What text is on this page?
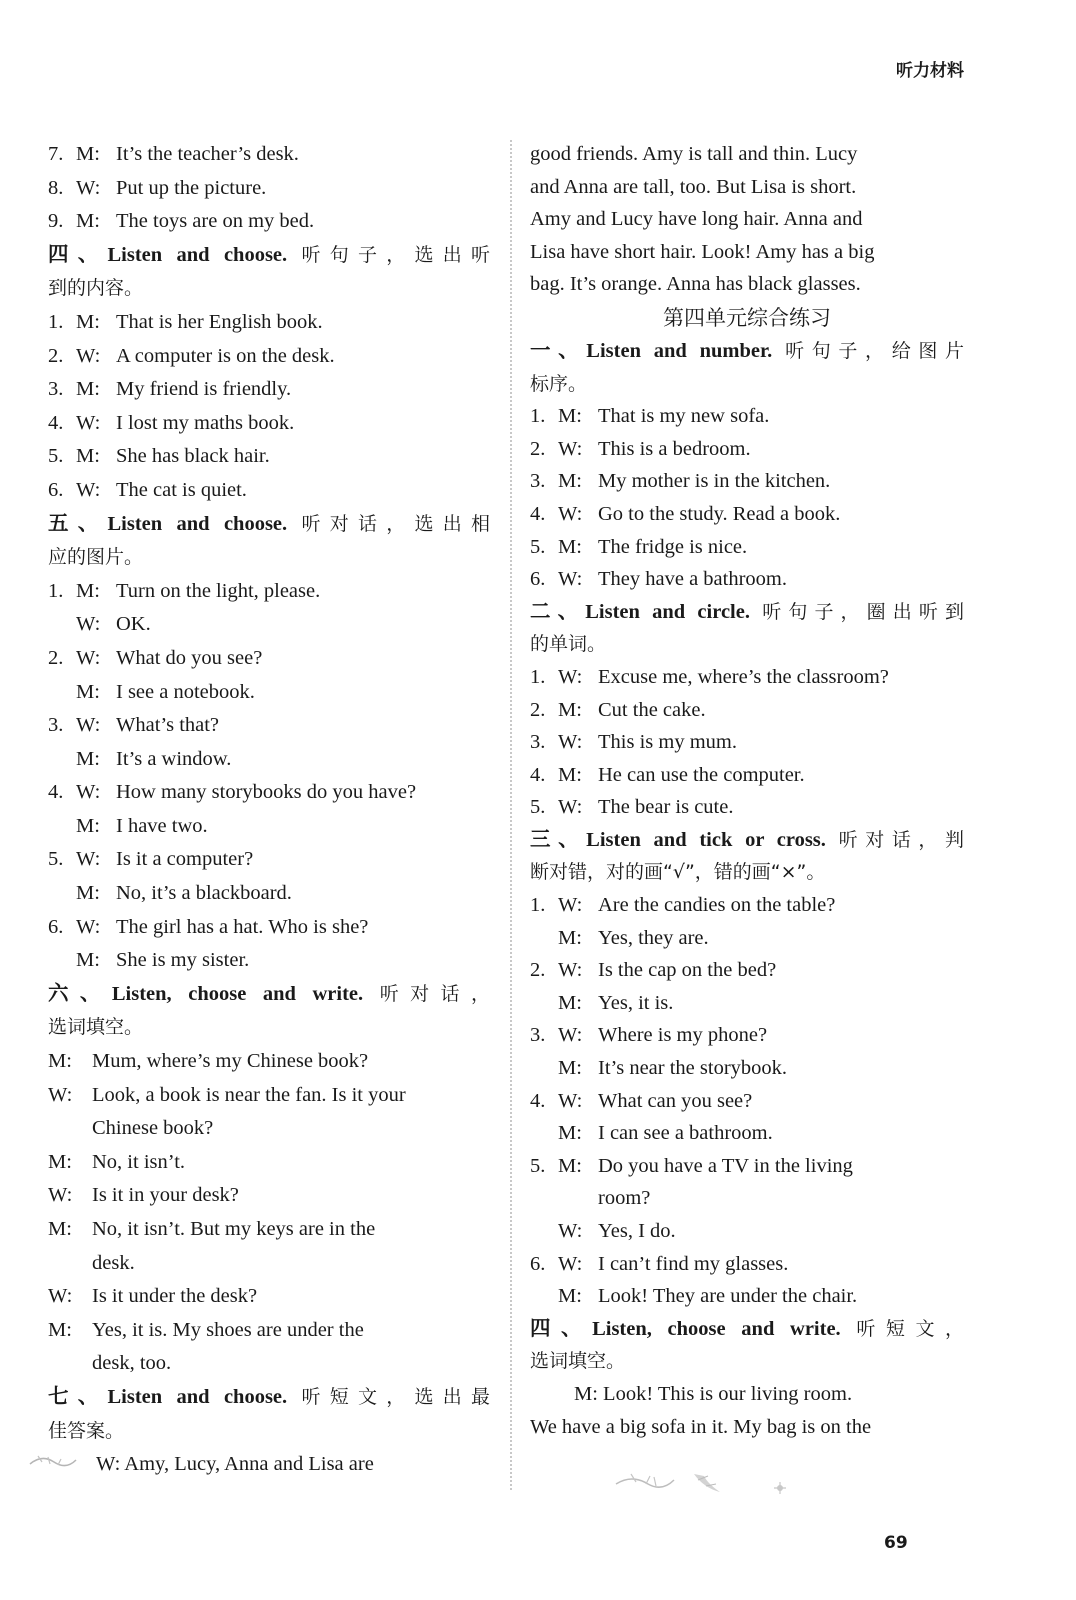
听力材料
7. M: It’s the teacher’s desk.
8. W: Put up the picture.
9. M: The toys are on my bed.
四、Listen and choose. 听句子，选出听
到的内容。
1. M: That is her English book.
2. W: A computer is on the desk.
3. M: My friend is friendly.
4. W: I lost my maths book.
5. M: She has black hair.
6. W: The cat is quiet.
五、Listen and choose. 听对话，选出相
应的图片。
1. M: Turn on the light, please.
W: OK.
2. W: What do you see?
M: I see a notebook.
3. W: What’s that?
M: It’s a window.
4. W: How many storybooks do you have?
M: I have two.
5. W: Is it a computer?
M: No, it’s a blackboard.
6. W: The girl has a hat. Who is she?
M: She is my sister.
六、Listen, choose and write. 听对话，
选词填空。
M: Mum, where’s my Chinese book?
W: Look, a book is near the fan. Is it your
Chinese book?
M: No, it isn’t.
W: Is it in your desk?
M: No, it isn’t. But my keys are in the
desk.
W: Is it under the desk?
M: Yes, it is. My shoes are under the
desk, too.
七、Listen and choose. 听短文，选出最
佳答案。
W: Amy, Lucy, Anna and Lisa are
good friends. Amy is tall and thin. Lucy
and Anna are tall, too. But Lisa is short.
Amy and Lucy have long hair. Anna and
Lisa have short hair. Look! Amy has a big
bag. It’s orange. Anna has black glasses.
第四单元综合练习
一、Listen and number. 听句子，给图片
标序。
1. M: That is my new sofa.
2. W: This is a bedroom.
3. M: My mother is in the kitchen.
4. W: Go to the study. Read a book.
5. M: The fridge is nice.
6. W: They have a bathroom.
二、Listen and circle. 听句子，圈出听到
的单词。
1. W: Excuse me, where’s the classroom?
2. M: Cut the cake.
3. W: This is my mum.
4. M: He can use the computer.
5. W: The bear is cute.
三、Listen and tick or cross. 听对话，判
断对错，对的画“√”，错的画“×”。
1. W: Are the candies on the table?
M: Yes, they are.
2. W: Is the cap on the bed?
M: Yes, it is.
3. W: Where is my phone?
M: It’s near the storybook.
4. W: What can you see?
M: I can see a bathroom.
5. M: Do you have a TV in the living
room?
W: Yes, I do.
6. W: I can’t find my glasses.
M: Look! They are under the chair.
四、Listen, choose and write. 听短文，
选词填空。
M: Look! This is our living room.
We have a big sofa in it. My bag is on the
69
